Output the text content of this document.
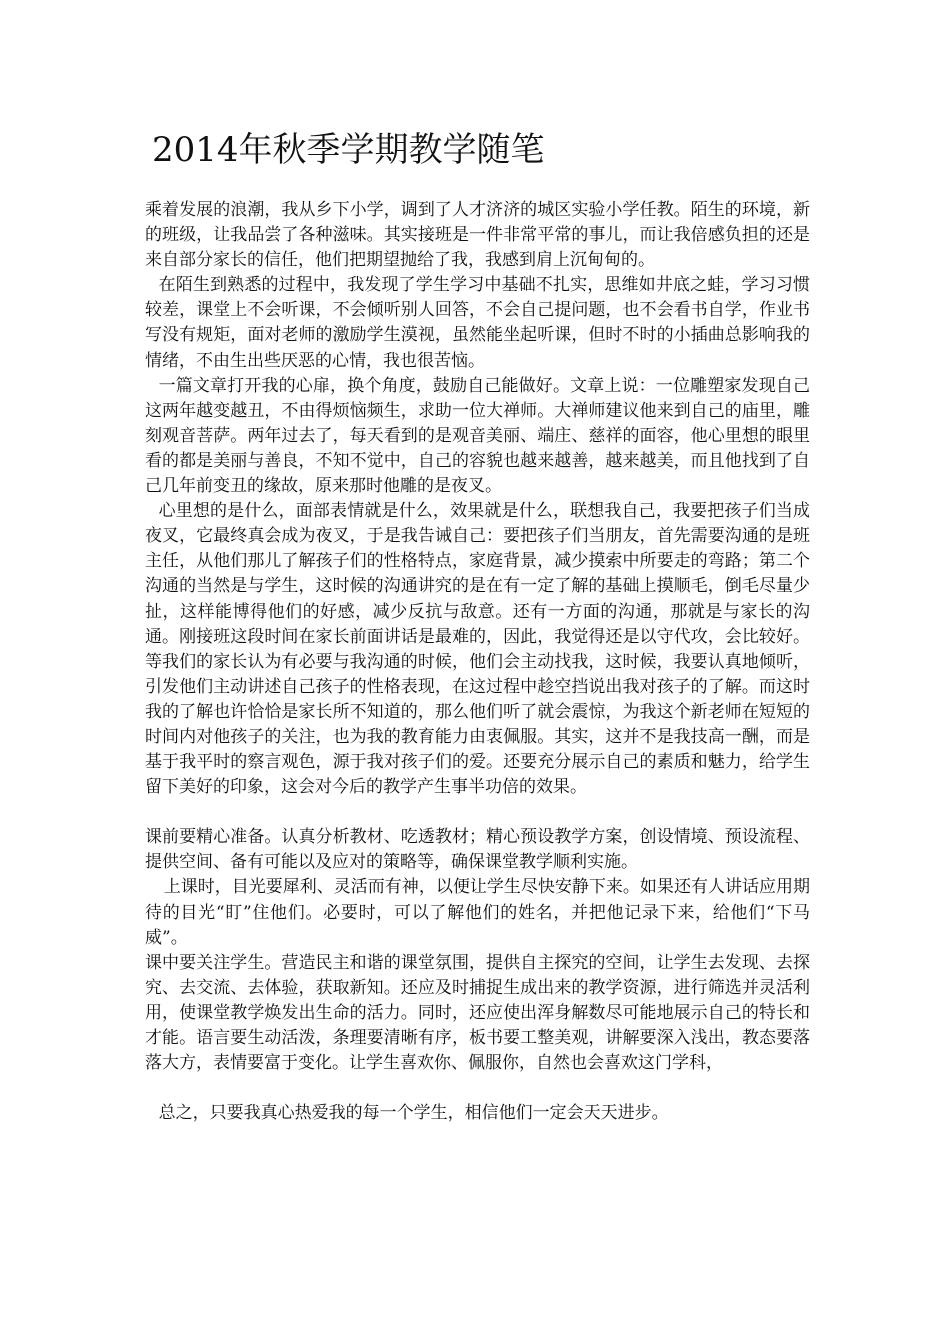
2014年秋季学期教学随笔

乘着发展的浪潮，我从乡下小学，调到了人才济济的城区实验小学任教。陌生的环境，新的班级，让我品尝了各种滋味。其实接班是一件非常平常的事儿，而让我倍感负担的还是来自部分家长的信任，他们把期望抛给了我，我感到肩上沉甸甸的。

在陌生到熟悉的过程中，我发现了学生学习中基础不扎实，思维如井底之蛙，学习习惯较差，课堂上不会听课，不会倾听别人回答，不会自己提问题，也不会看书自学，作业书写没有规矩，面对老师的激励学生漠视，虽然能坐起听课，但时不时的小插曲总影响我的情绪，不由生出些厌恶的心情，我也很苦恼。

一篇文章打开我的心扉，换个角度，鼓励自己能做好。文章上说：一位雕塑家发现自己这两年越变越丑，不由得烦恼频生，求助一位大禅师。大禅师建议他来到自己的庙里，雕刻观音菩萨。两年过去了，每天看到的是观音美丽、端庄、慈祥的面容，他心里想的眼里看的都是美丽与善良，不知不觉中，自己的容貌也越来越善，越来越美，而且他找到了自己几年前变丑的缘故，原来那时他雕的是夜叉。

心里想的是什么，面部表情就是什么，效果就是什么，联想我自己，我要把孩子们当成夜叉，它最终真会成为夜叉，于是我告诫自己：要把孩子们当朋友，首先需要沟通的是班主任，从他们那儿了解孩子们的性格特点，家庭背景，减少摸索中所要走的弯路；第二个沟通的当然是与学生，这时候的沟通讲究的是在有一定了解的基础上摸顺毛，倒毛尽量少扯，这样能博得他们的好感，减少反抗与敌意。还有一方面的沟通，那就是与家长的沟通。刚接班这段时间在家长前面讲话是最难的，因此，我觉得还是以守代攻，会比较好。等我们的家长认为有必要与我沟通的时候，他们会主动找我，这时候，我要认真地倾听，引发他们主动讲述自己孩子的性格表现，在这过程中趁空挡说出我对孩子的了解。而这时我的了解也许恰恰是家长所不知道的，那么他们听了就会震惊，为我这个新老师在短短的时间内对他孩子的关注，也为我的教育能力由衷佩服。其实，这并不是我技高一酬，而是基于我平时的察言观色，源于我对孩子们的爱。还要充分展示自己的素质和魅力，给学生留下美好的印象，这会对今后的教学产生事半功倍的效果。

课前要精心准备。认真分析教材、吃透教材；精心预设教学方案，创设情境、预设流程、提供空间、备有可能以及应对的策略等，确保课堂教学顺利实施。

上课时，目光要犀利、灵活而有神，以便让学生尽快安静下来。如果还有人讲话应用期待的目光“盯”住他们。必要时，可以了解他们的姓名，并把他记录下来，给他们“下马威”。

课中要关注学生。营造民主和谐的课堂氛围，提供自主探究的空间，让学生去发现、去探究、去交流、去体验，获取新知。还应及时捕捉生成出来的教学资源，进行筛选并灵活利用，使课堂教学焕发出生命的活力。同时，还应使出浑身解数尽可能地展示自己的特长和才能。语言要生动活泼，条理要清晰有序，板书要工整美观，讲解要深入浅出，教态要落落大方，表情要富于变化。让学生喜欢你、佩服你，自然也会喜欢这门学科，

总之，只要我真心热爱我的每一个学生，相信他们一定会天天进步。
